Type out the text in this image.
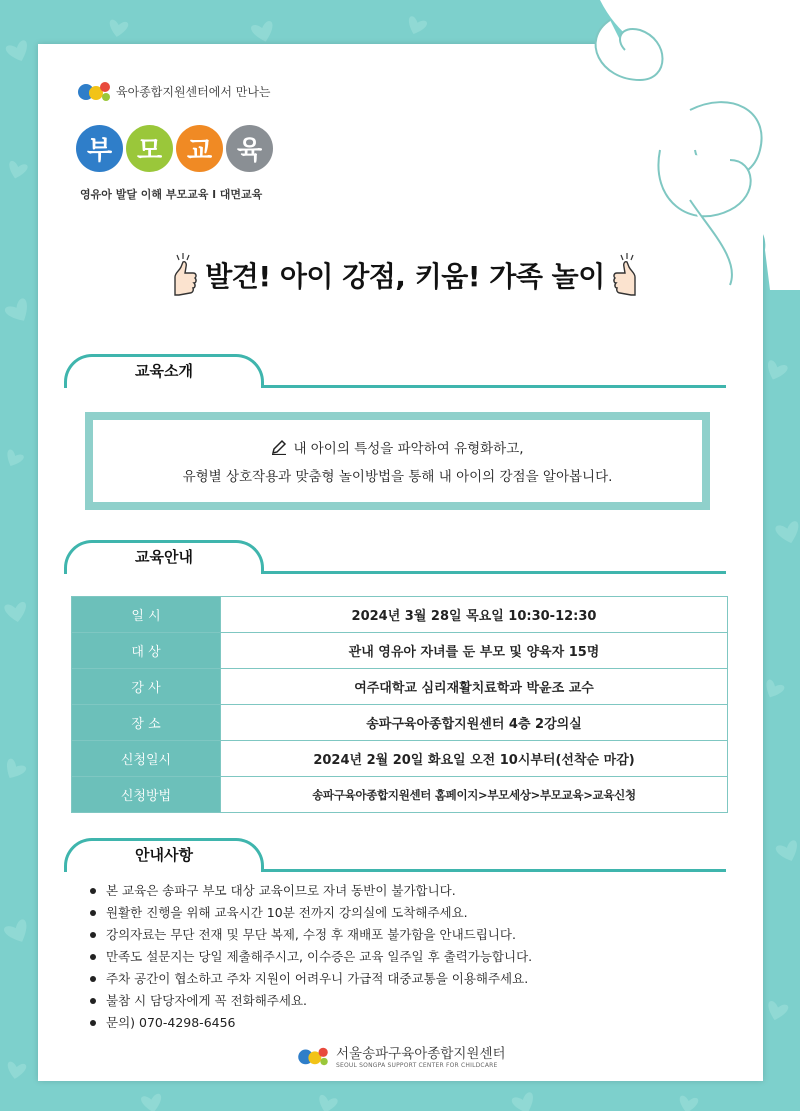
육아종합지원센터에서 만나는
부 모 교 육
영유아 발달 이해 부모교육 l 대면교육
발견! 아이 강점, 키움! 가족 놀이
교육소개
내 아이의 특성을 파악하여 유형화하고,
유형별 상호작용과 맞춤형 놀이방법을 통해 내 아이의 강점을 알아봅니다.
교육안내
일 시	2024년 3월 28일 목요일 10:30-12:30
대 상	관내 영유아 자녀를 둔 부모 및 양육자 15명
강 사	여주대학교 심리재활치료학과 박윤조 교수
장 소	송파구육아종합지원센터 4층 2강의실
신청일시	2024년 2월 20일 화요일 오전 10시부터(선착순 마감)
신청방법	송파구육아종합지원센터 홈페이지>부모세상>부모교육>교육신청
안내사항
본 교육은 송파구 부모 대상 교육이므로 자녀 동반이 불가합니다.
원활한 진행을 위해 교육시간 10분 전까지 강의실에 도착해주세요.
강의자료는 무단 전재 및 무단 복제, 수정 후 재배포 불가함을 안내드립니다.
만족도 설문지는 당일 제출해주시고, 이수증은 교육 일주일 후 출력가능합니다.
주차 공간이 협소하고 주차 지원이 어려우니 가급적 대중교통을 이용해주세요.
불참 시 담당자에게 꼭 전화해주세요.
문의) 070-4298-6456
서울송파구육아종합지원센터
SEOUL SONGPA SUPPORT CENTER FOR CHILDCARE
